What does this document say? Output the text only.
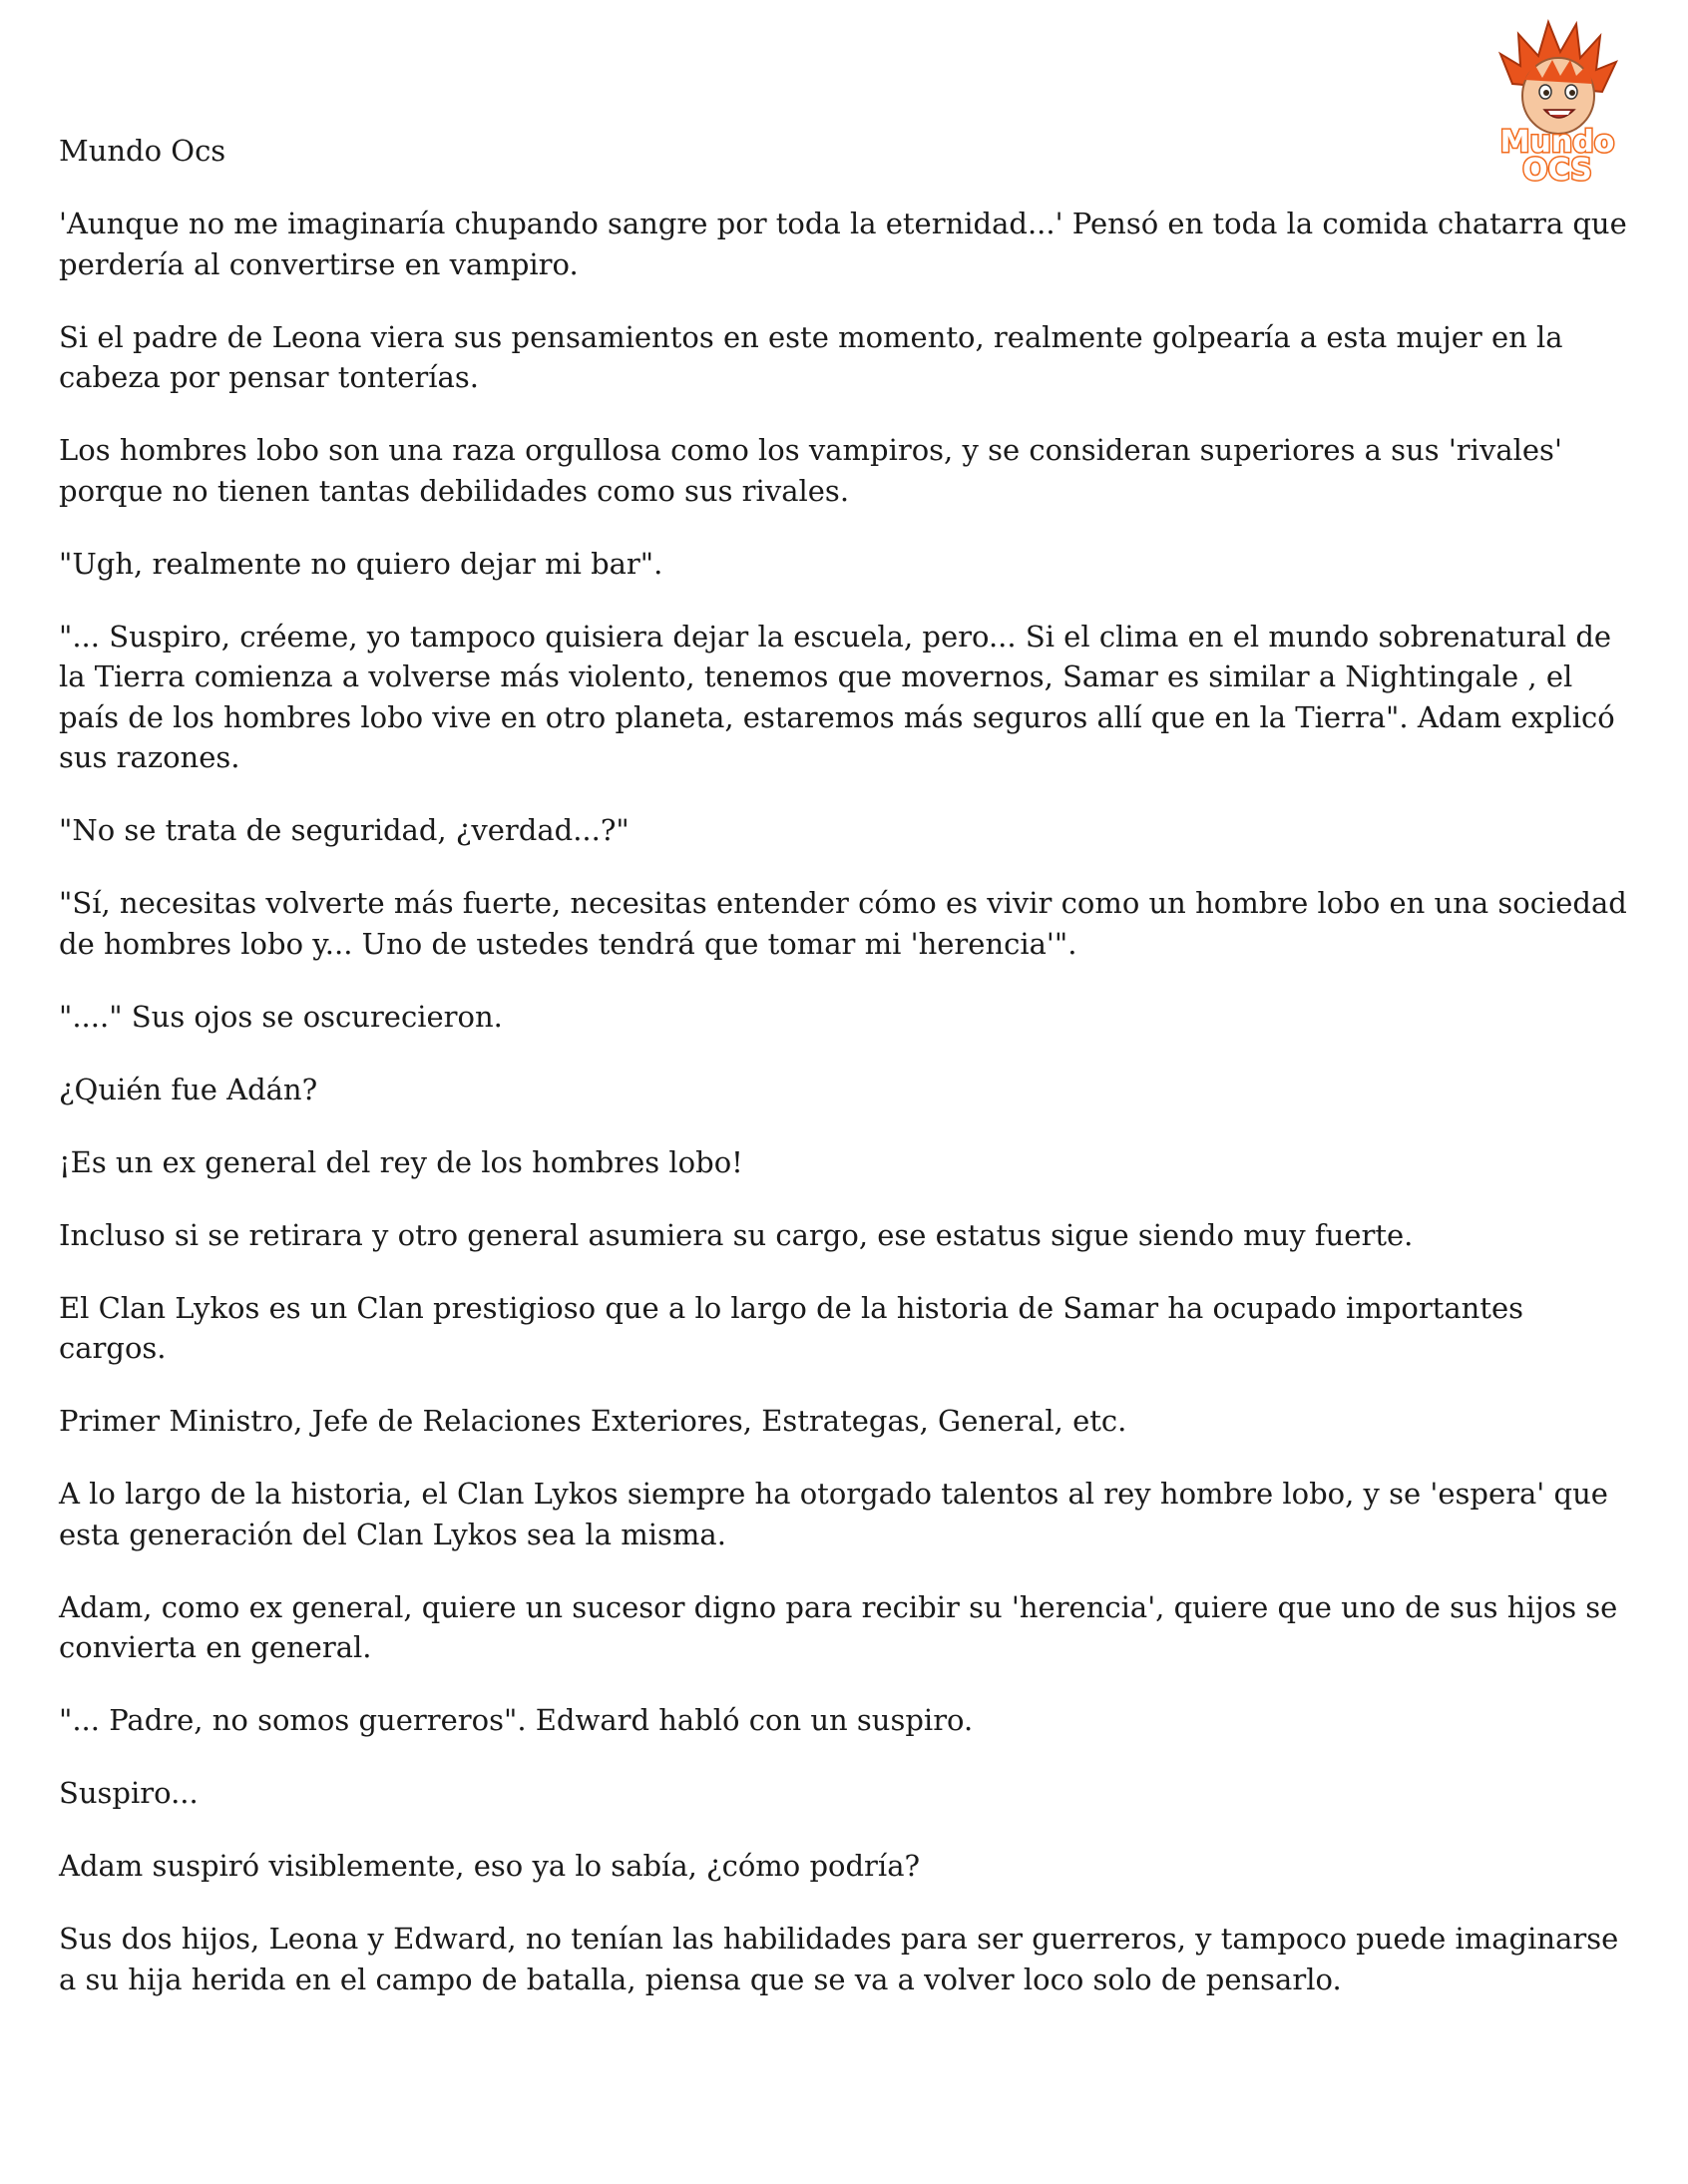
Mundo
OCS

Mundo Ocs

'Aunque no me imaginaría chupando sangre por toda la eternidad...' Pensó en toda la comida chatarra que perdería al convertirse en vampiro.

Si el padre de Leona viera sus pensamientos en este momento, realmente golpearía a esta mujer en la cabeza por pensar tonterías.

Los hombres lobo son una raza orgullosa como los vampiros, y se consideran superiores a sus 'rivales' porque no tienen tantas debilidades como sus rivales.

"Ugh, realmente no quiero dejar mi bar".

"... Suspiro, créeme, yo tampoco quisiera dejar la escuela, pero... Si el clima en el mundo sobrenatural de la Tierra comienza a volverse más violento, tenemos que movernos, Samar es similar a Nightingale , el país de los hombres lobo vive en otro planeta, estaremos más seguros allí que en la Tierra". Adam explicó sus razones.

"No se trata de seguridad, ¿verdad...?"

"Sí, necesitas volverte más fuerte, necesitas entender cómo es vivir como un hombre lobo en una sociedad de hombres lobo y... Uno de ustedes tendrá que tomar mi 'herencia'".

"...." Sus ojos se oscurecieron.

¿Quién fue Adán?

¡Es un ex general del rey de los hombres lobo!

Incluso si se retirara y otro general asumiera su cargo, ese estatus sigue siendo muy fuerte.

El Clan Lykos es un Clan prestigioso que a lo largo de la historia de Samar ha ocupado importantes cargos.

Primer Ministro, Jefe de Relaciones Exteriores, Estrategas, General, etc.

A lo largo de la historia, el Clan Lykos siempre ha otorgado talentos al rey hombre lobo, y se 'espera' que esta generación del Clan Lykos sea la misma.

Adam, como ex general, quiere un sucesor digno para recibir su 'herencia', quiere que uno de sus hijos se convierta en general.

"... Padre, no somos guerreros". Edward habló con un suspiro.

Suspiro...

Adam suspiró visiblemente, eso ya lo sabía, ¿cómo podría?

Sus dos hijos, Leona y Edward, no tenían las habilidades para ser guerreros, y tampoco puede imaginarse a su hija herida en el campo de batalla, piensa que se va a volver loco solo de pensarlo.
